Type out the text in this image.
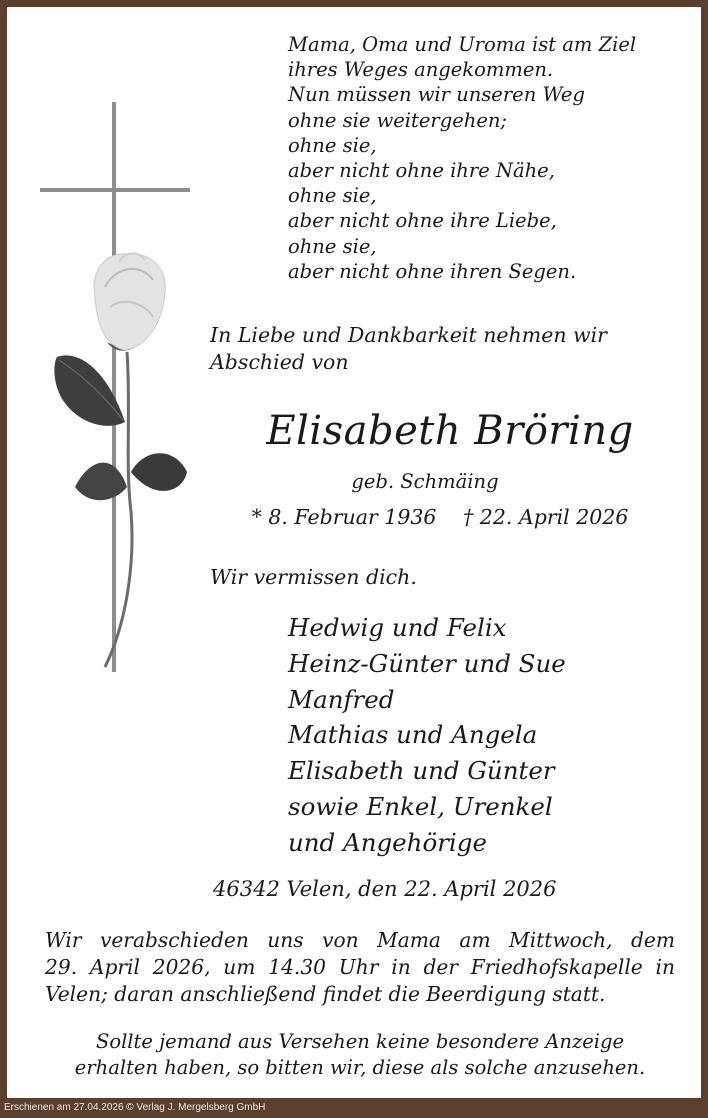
Mama, Oma und Uroma ist am Ziel
ihres Weges angekommen.
Nun müssen wir unseren Weg
ohne sie weitergehen;
ohne sie,
aber nicht ohne ihre Nähe,
ohne sie,
aber nicht ohne ihre Liebe,
ohne sie,
aber nicht ohne ihren Segen.
In Liebe und Dankbarkeit nehmen wir
Abschied von
Elisabeth Bröring
geb. Schmäing
* 8. Februar 1936 † 22. April 2026
Wir vermissen dich.
Hedwig und Felix
Heinz-Günter und Sue
Manfred
Mathias und Angela
Elisabeth und Günter
sowie Enkel, Urenkel
und Angehörige
46342 Velen, den 22. April 2026
Wir verabschieden uns von Mama am Mittwoch, dem
29. April 2026, um 14.30 Uhr in der Friedhofskapelle in
Velen; daran anschließend findet die Beerdigung statt.
Sollte jemand aus Versehen keine besondere Anzeige
erhalten haben, so bitten wir, diese als solche anzusehen.
Erschienen am 27.04.2026 © Verlag J. Mergelsberg GmbH
